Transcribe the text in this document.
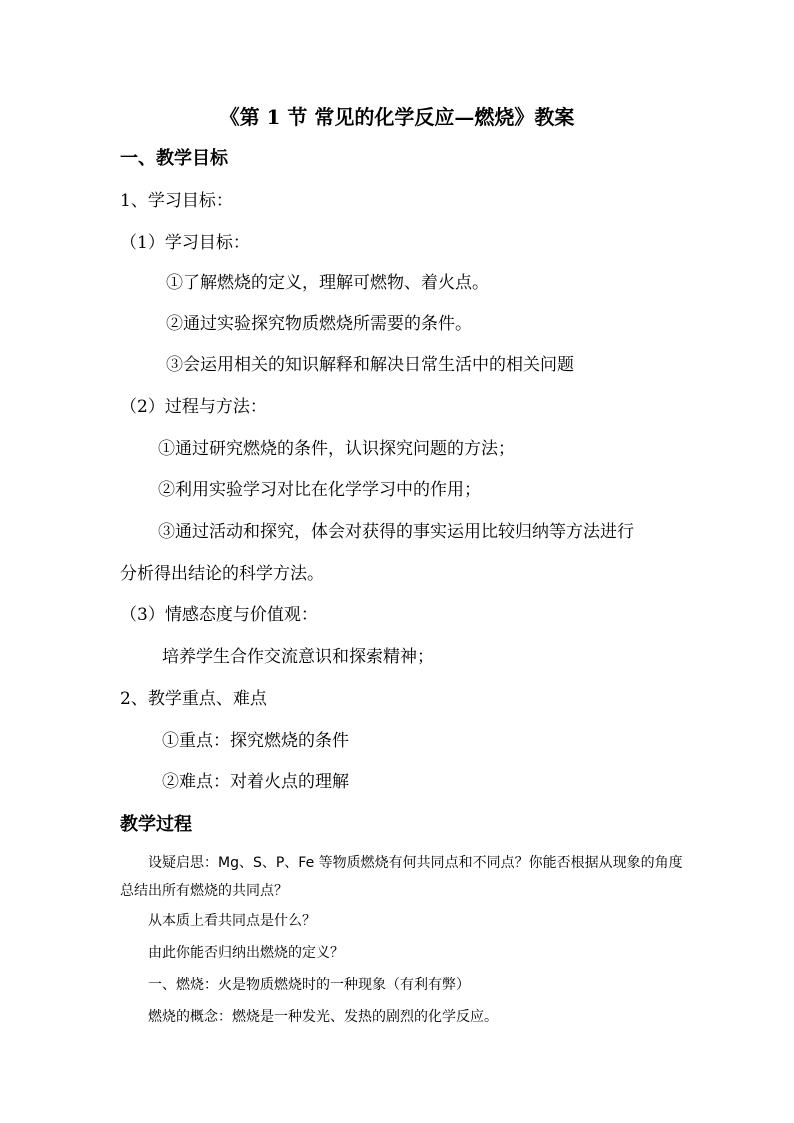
《第 1 节 常见的化学反应—燃烧》教案
一、教学目标
1、学习目标：
（1）学习目标：
①了解燃烧的定义，理解可燃物、着火点。
②通过实验探究物质燃烧所需要的条件。
③会运用相关的知识解释和解决日常生活中的相关问题
（2）过程与方法：
①通过研究燃烧的条件，认识探究问题的方法；
②利用实验学习对比在化学学习中的作用；
③通过活动和探究，体会对获得的事实运用比较归纳等方法进行
分析得出结论的科学方法。
（3）情感态度与价值观：
培养学生合作交流意识和探索精神；
2、教学重点、难点
①重点：探究燃烧的条件
②难点：对着火点的理解
教学过程
设疑启思：Mg、S、P、Fe 等物质燃烧有何共同点和不同点？你能否根据从现象的角度
总结出所有燃烧的共同点？
从本质上看共同点是什么？
由此你能否归纳出燃烧的定义？
一、燃烧：火是物质燃烧时的一种现象（有利有弊）
燃烧的概念：燃烧是一种发光、发热的剧烈的化学反应。
